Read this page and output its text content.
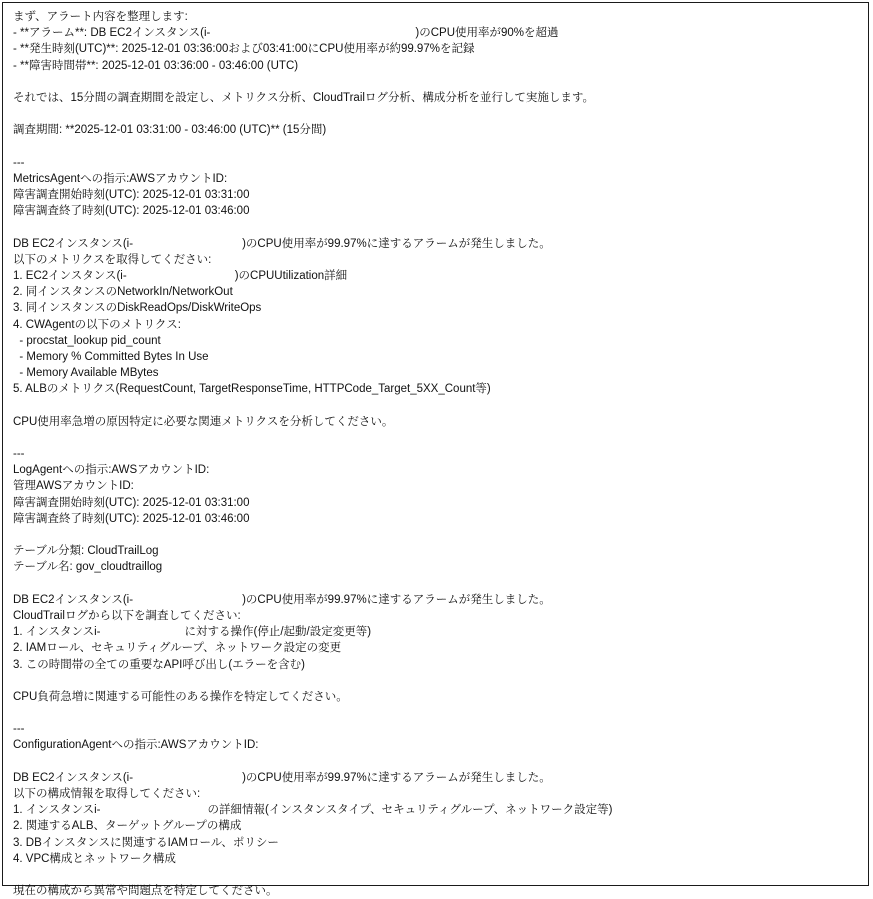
まず、アラート内容を整理します:
- **アラーム**: DB EC2インスタンス(i-	)のCPU使用率が90%を超過
- **発生時刻(UTC)**: 2025-12-01 03:36:00および03:41:00にCPU使用率が約99.97%を記録
- **障害時間帯**: 2025-12-01 03:36:00 - 03:46:00 (UTC)
それでは、15分間の調査期間を設定し、メトリクス分析、CloudTrailログ分析、構成分析を並行して実施します。
調査期間: **2025-12-01 03:31:00 - 03:46:00 (UTC)** (15分間)
---
MetricsAgentへの指示:AWSアカウントID:
障害調査開始時刻(UTC): 2025-12-01 03:31:00
障害調査終了時刻(UTC): 2025-12-01 03:46:00
DB EC2インスタンス(i-	)のCPU使用率が99.97%に達するアラームが発生しました。
以下のメトリクスを取得してください:
1. EC2インスタンス(i-	)のCPUUtilization詳細
2. 同インスタンスのNetworkIn/NetworkOut
3. 同インスタンスのDiskReadOps/DiskWriteOps
4. CWAgentの以下のメトリクス:
- procstat_lookup pid_count
- Memory % Committed Bytes In Use
- Memory Available MBytes
5. ALBのメトリクス(RequestCount, TargetResponseTime, HTTPCode_Target_5XX_Count等)
CPU使用率急増の原因特定に必要な関連メトリクスを分析してください。
---
LogAgentへの指示:AWSアカウントID:
管理AWSアカウントID:
障害調査開始時刻(UTC): 2025-12-01 03:31:00
障害調査終了時刻(UTC): 2025-12-01 03:46:00
テーブル分類: CloudTrailLog
テーブル名: gov_cloudtraillog
DB EC2インスタンス(i-	)のCPU使用率が99.97%に達するアラームが発生しました。
CloudTrailログから以下を調査してください:
1. インスタンスi-	に対する操作(停止/起動/設定変更等)
2. IAMロール、セキュリティグループ、ネットワーク設定の変更
3. この時間帯の全ての重要なAPI呼び出し(エラーを含む)
CPU負荷急増に関連する可能性のある操作を特定してください。
---
ConfigurationAgentへの指示:AWSアカウントID:
DB EC2インスタンス(i-	)のCPU使用率が99.97%に達するアラームが発生しました。
以下の構成情報を取得してください:
1. インスタンスi-	の詳細情報(インスタンスタイプ、セキュリティグループ、ネットワーク設定等)
2. 関連するALB、ターゲットグループの構成
3. DBインスタンスに関連するIAMロール、ポリシー
4. VPC構成とネットワーク構成
現在の構成から異常や問題点を特定してください。
